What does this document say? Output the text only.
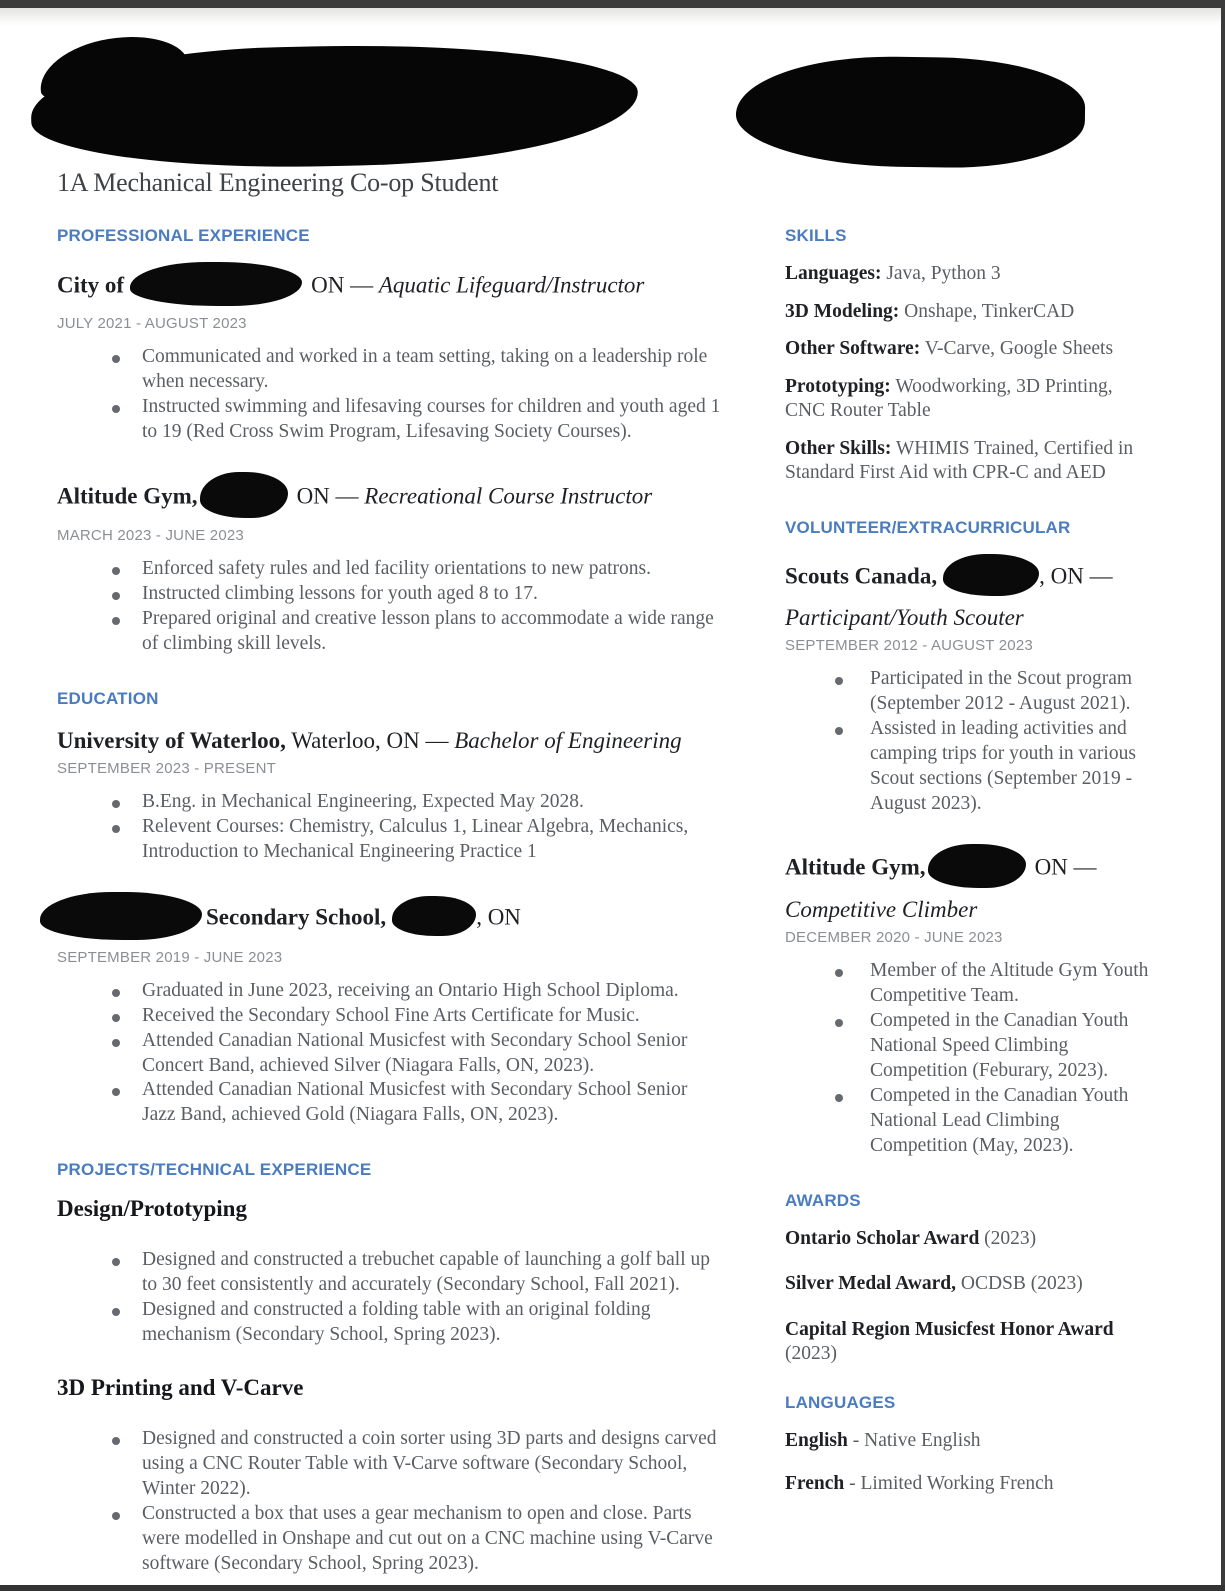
1A Mechanical Engineering Co-op Student
PROFESSIONAL EXPERIENCE
City of	ON — Aquatic Lifeguard/Instructor
JULY 2021 - AUGUST 2023
Communicated and worked in a team setting, taking on a leadership role when necessary.
Instructed swimming and lifesaving courses for children and youth aged 1 to 19 (Red Cross Swim Program, Lifesaving Society Courses).
Altitude Gym,	ON — Recreational Course Instructor
MARCH 2023 - JUNE 2023
Enforced safety rules and led facility orientations to new patrons.
Instructed climbing lessons for youth aged 8 to 17.
Prepared original and creative lesson plans to accommodate a wide range of climbing skill levels.
EDUCATION
University of Waterloo, Waterloo, ON — Bachelor of Engineering
SEPTEMBER 2023 - PRESENT
B.Eng. in Mechanical Engineering, Expected May 2028.
Relevent Courses: Chemistry, Calculus 1, Linear Algebra, Mechanics, Introduction to Mechanical Engineering Practice 1
Secondary School,	, ON
SEPTEMBER 2019 - JUNE 2023
Graduated in June 2023, receiving an Ontario High School Diploma.
Received the Secondary School Fine Arts Certificate for Music.
Attended Canadian National Musicfest with Secondary School Senior Concert Band, achieved Silver (Niagara Falls, ON, 2023).
Attended Canadian National Musicfest with Secondary School Senior Jazz Band, achieved Gold (Niagara Falls, ON, 2023).
PROJECTS/TECHNICAL EXPERIENCE
Design/Prototyping
Designed and constructed a trebuchet capable of launching a golf ball up to 30 feet consistently and accurately (Secondary School, Fall 2021).
Designed and constructed a folding table with an original folding mechanism (Secondary School, Spring 2023).
3D Printing and V-Carve
Designed and constructed a coin sorter using 3D parts and designs carved using a CNC Router Table with V-Carve software (Secondary School, Winter 2022).
Constructed a box that uses a gear mechanism to open and close. Parts were modelled in Onshape and cut out on a CNC machine using V-Carve software (Secondary School, Spring 2023).
SKILLS
Languages: Java, Python 3
3D Modeling: Onshape, TinkerCAD
Other Software: V-Carve, Google Sheets
Prototyping: Woodworking, 3D Printing, CNC Router Table
Other Skills: WHIMIS Trained, Certified in Standard First Aid with CPR-C and AED
VOLUNTEER/EXTRACURRICULAR
Scouts Canada,	, ON — Participant/Youth Scouter
SEPTEMBER 2012 - AUGUST 2023
Participated in the Scout program (September 2012 - August 2021).
Assisted in leading activities and camping trips for youth in various Scout sections (September 2019 - August 2023).
Altitude Gym,	ON — Competitive Climber
DECEMBER 2020 - JUNE 2023
Member of the Altitude Gym Youth Competitive Team.
Competed in the Canadian Youth National Speed Climbing Competition (Feburary, 2023).
Competed in the Canadian Youth National Lead Climbing Competition (May, 2023).
AWARDS
Ontario Scholar Award (2023)
Silver Medal Award, OCDSB (2023)
Capital Region Musicfest Honor Award (2023)
LANGUAGES
English - Native English
French - Limited Working French
